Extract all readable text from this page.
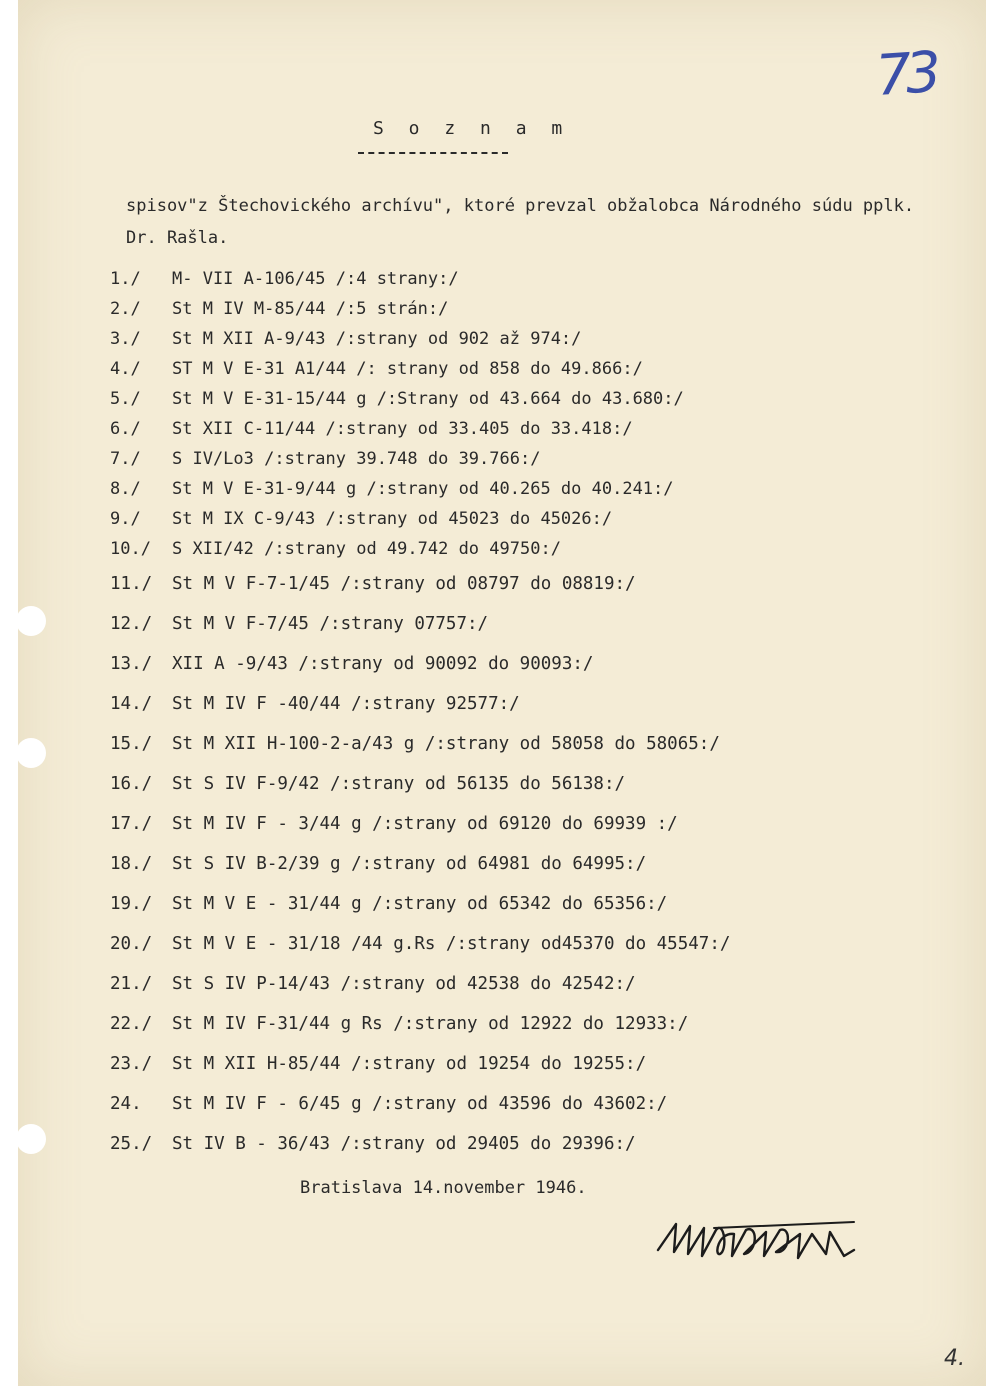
73
S o z n a m
spisov"z Štechovického archívu", ktoré prevzal obžalobca Národného súdu pplk. Dr. Rašla.
1./	M- VII A-106/45 /:4 strany:/
2./	St M IV M-85/44 /:5 strán:/
3./	St M XII A-9/43 /:strany od 902 až 974:/
4./	ST M V E-31 A1/44 /: strany od 858 do 49.866:/
5./	St M V E-31-15/44 g /:Strany od 43.664 do 43.680:/
6./	St XII C-11/44 /:strany od 33.405 do 33.418:/
7./	S IV/Lo3 /:strany 39.748 do 39.766:/
8./	St M V E-31-9/44 g /:strany od 40.265 do 40.241:/
9./	St M IX C-9/43 /:strany od 45023 do 45026:/
10./	S XII/42 /:strany od 49.742 do 49750:/
11./	St M V F-7-1/45 /:strany od 08797 do 08819:/
12./	St M V F-7/45 /:strany 07757:/
13./	XII A -9/43 /:strany od 90092 do 90093:/
14./	St M IV F -40/44 /:strany 92577:/
15./	St M XII H-100-2-a/43 g /:strany od 58058 do 58065:/
16./	St S IV F-9/42 /:strany od 56135 do 56138:/
17./	St M IV F - 3/44 g /:strany od 69120 do 69939 :/
18./	St S IV B-2/39 g /:strany od 64981 do 64995:/
19./	St M V E - 31/44 g /:strany od 65342 do 65356:/
20./	St M V E - 31/18 /44 g.Rs /:strany od45370 do 45547:/
21./	St S IV P-14/43 /:strany od 42538 do 42542:/
22./	St M IV F-31/44 g Rs /:strany od 12922 do 12933:/
23./	St M XII H-85/44 /:strany od 19254 do 19255:/
24.	St M IV F - 6/45 g /:strany od 43596 do 43602:/
25./	St IV B - 36/43 /:strany od 29405 do 29396:/
Bratislava 14.november 1946.
4.
